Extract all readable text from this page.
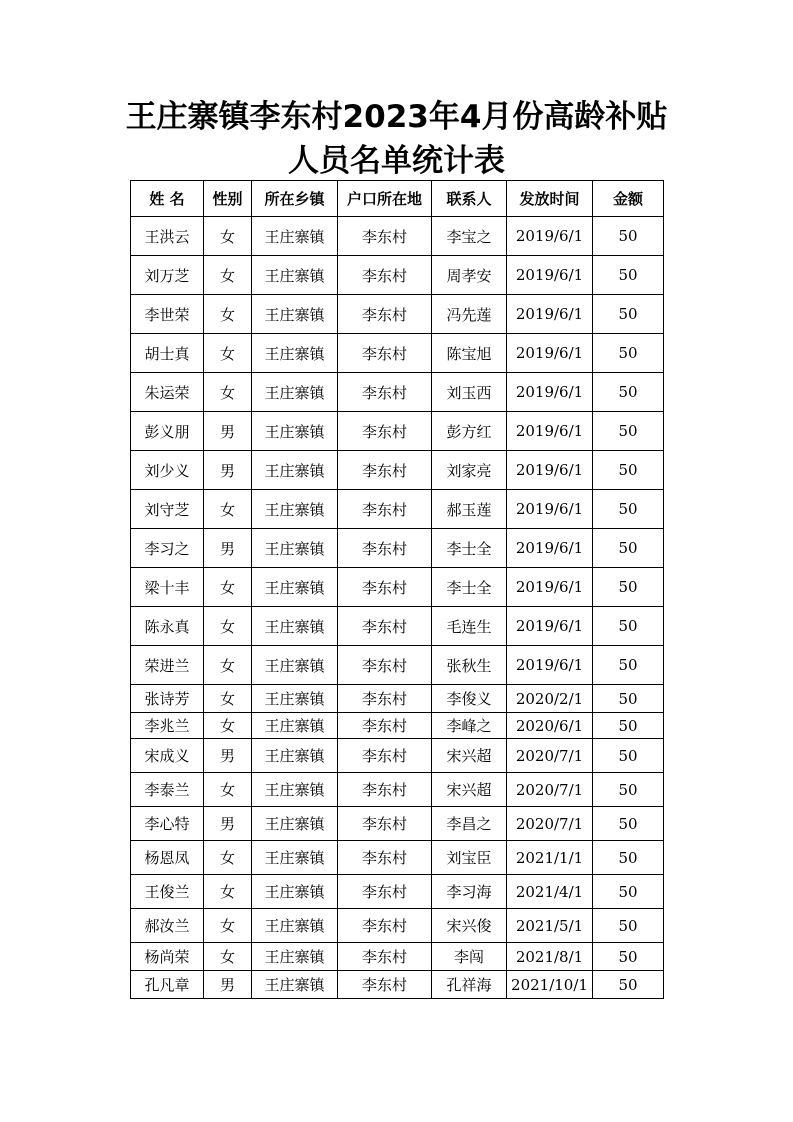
王庄寨镇李东村2023年4月份高龄补贴
人员名单统计表
姓 名	性别	所在乡镇	户口所在地	联系人	发放时间	金额
王洪云	女	王庄寨镇	李东村	李宝之	2019/6/1	50
刘万芝	女	王庄寨镇	李东村	周孝安	2019/6/1	50
李世荣	女	王庄寨镇	李东村	冯先莲	2019/6/1	50
胡士真	女	王庄寨镇	李东村	陈宝旭	2019/6/1	50
朱运荣	女	王庄寨镇	李东村	刘玉西	2019/6/1	50
彭义朋	男	王庄寨镇	李东村	彭方红	2019/6/1	50
刘少义	男	王庄寨镇	李东村	刘家亮	2019/6/1	50
刘守芝	女	王庄寨镇	李东村	郝玉莲	2019/6/1	50
李习之	男	王庄寨镇	李东村	李士全	2019/6/1	50
梁十丰	女	王庄寨镇	李东村	李士全	2019/6/1	50
陈永真	女	王庄寨镇	李东村	毛连生	2019/6/1	50
荣进兰	女	王庄寨镇	李东村	张秋生	2019/6/1	50
张诗芳	女	王庄寨镇	李东村	李俊义	2020/2/1	50
李兆兰	女	王庄寨镇	李东村	李峰之	2020/6/1	50
宋成义	男	王庄寨镇	李东村	宋兴超	2020/7/1	50
李泰兰	女	王庄寨镇	李东村	宋兴超	2020/7/1	50
李心特	男	王庄寨镇	李东村	李昌之	2020/7/1	50
杨恩凤	女	王庄寨镇	李东村	刘宝臣	2021/1/1	50
王俊兰	女	王庄寨镇	李东村	李习海	2021/4/1	50
郝汝兰	女	王庄寨镇	李东村	宋兴俊	2021/5/1	50
杨尚荣	女	王庄寨镇	李东村	李闯	2021/8/1	50
孔凡章	男	王庄寨镇	李东村	孔祥海	2021/10/1	50
